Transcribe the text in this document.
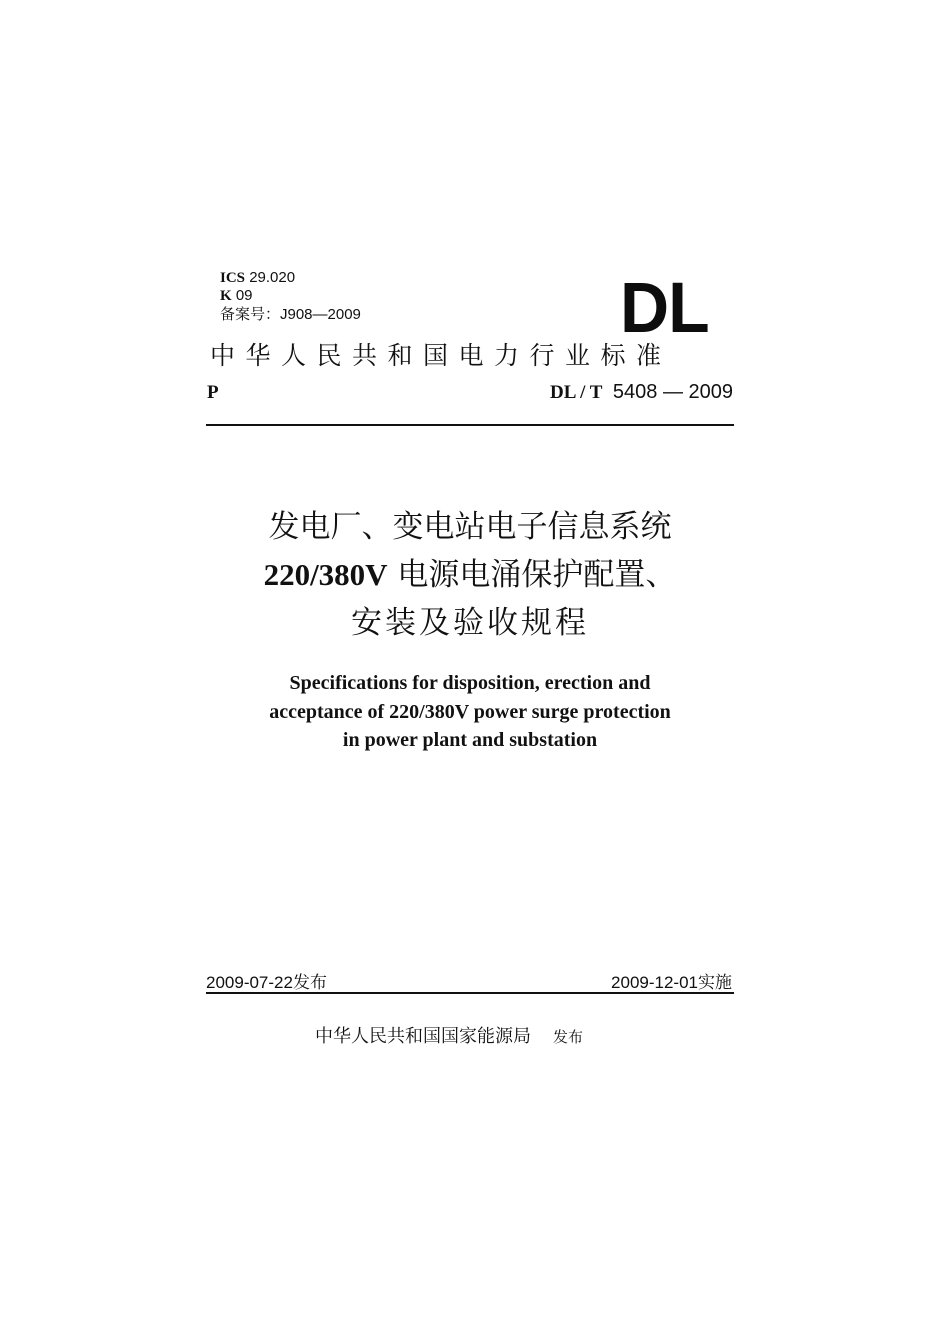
ICS 29.020
K 09
备案号：J908—2009	DL
中华人民共和国电力行业标准
P	DL / T 5408 — 2009
发电厂、变电站电子信息系统
220/380V 电源电涌保护配置、
安装及验收规程
Specifications for disposition, erection and
acceptance of 220/380V power surge protection
in power plant and substation
2009-07-22发布	2009-12-01实施
中华人民共和国国家能源局 发布
